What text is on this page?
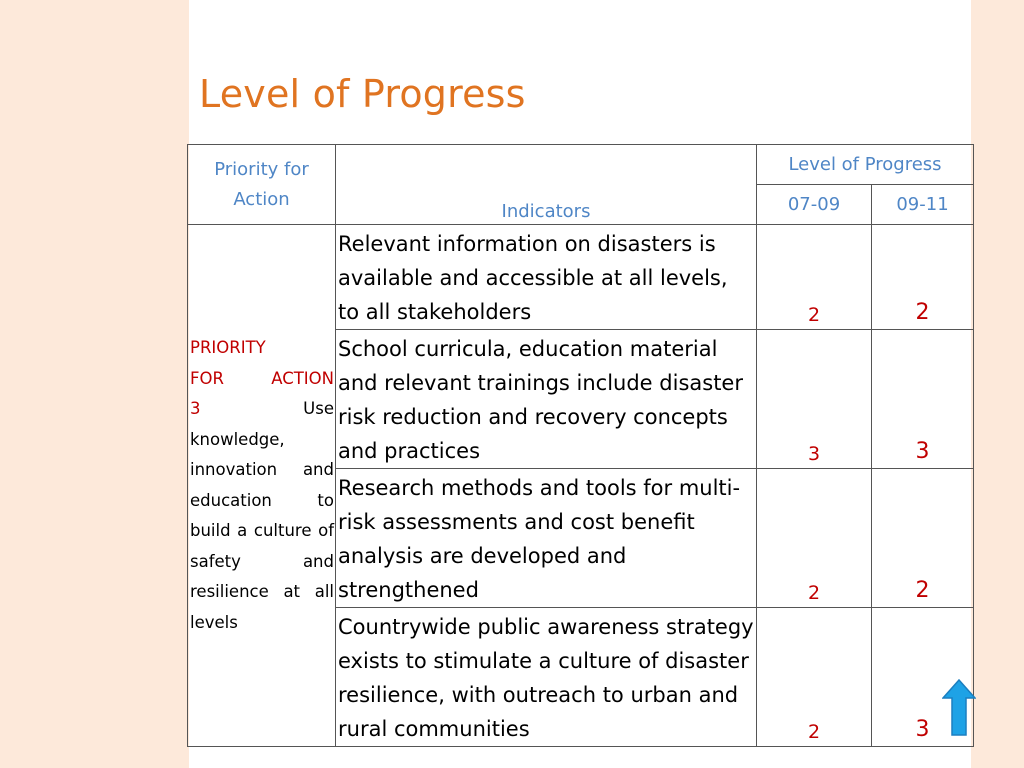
Level of Progress
Priority for
Action	Indicators	Level of Progress	
		07-09	09-11

PRIORITY

FOR ACTION
3 Use knowledge, innovation and education to build a culture of safety and resilience at all levels	Relevant information on disasters is available and accessible at all levels, to all stakeholders	2	2
	School curricula, education material and relevant trainings include disaster risk reduction and recovery concepts and practices	3	3
	Research methods and tools for multi-risk assessments and cost benefit analysis are developed and strengthened	2	2
	Countrywide public awareness strategy exists to stimulate a culture of disaster resilience, with outreach to urban and rural communities	2	3
